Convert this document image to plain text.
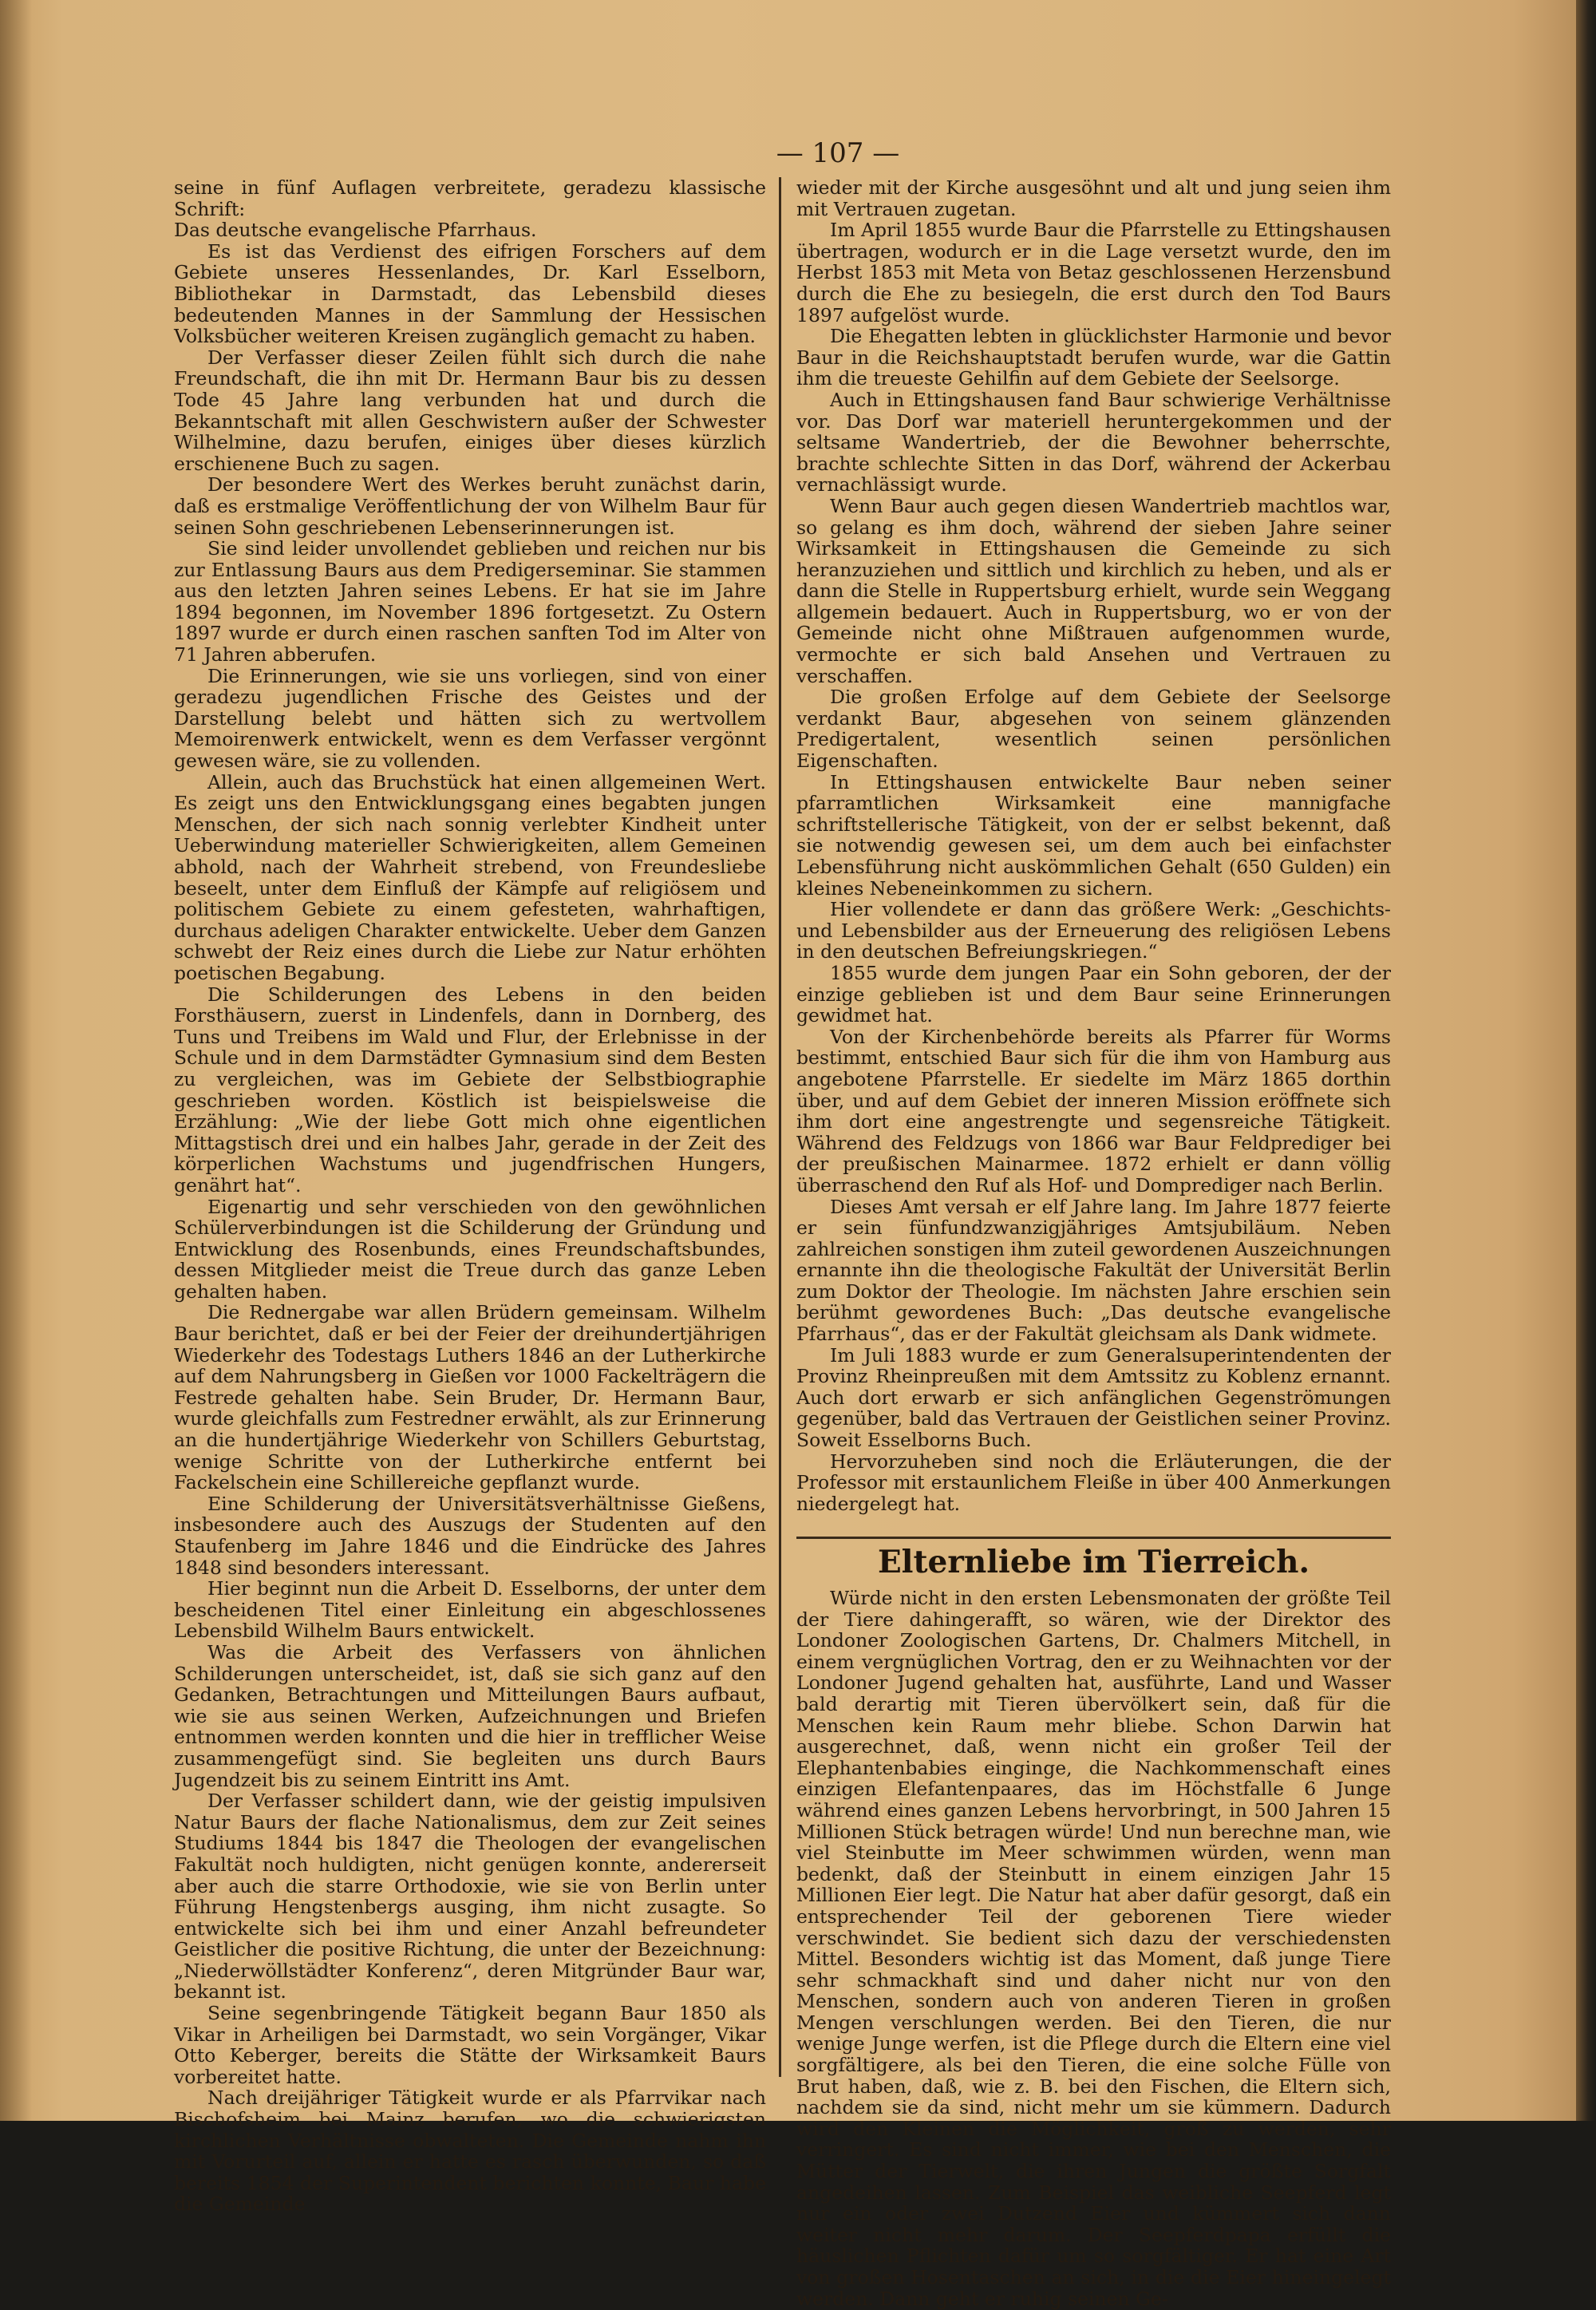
— 107 —

seine in fünf Auflagen verbreitete, geradezu klassische Schrift:

Das deutsche evangelische Pfarrhaus.

Es ist das Verdienst des eifrigen Forschers auf dem Gebiete unseres Hessenlandes, Dr. Karl Esselborn, Bibliothekar in Darmstadt, das Lebensbild dieses bedeutenden Mannes in der Sammlung der Hessischen Volksbücher weiteren Kreisen zugänglich gemacht zu haben.

Der Verfasser dieser Zeilen fühlt sich durch die nahe Freundschaft, die ihn mit Dr. Hermann Baur bis zu dessen Tode 45 Jahre lang verbunden hat und durch die Bekanntschaft mit allen Geschwistern außer der Schwester Wilhelmine, dazu berufen, einiges über dieses kürzlich erschienene Buch zu sagen.

Der besondere Wert des Werkes beruht zunächst darin, daß es erstmalige Veröffentlichung der von Wilhelm Baur für seinen Sohn geschriebenen Lebenserinnerungen ist.

Sie sind leider unvollendet geblieben und reichen nur bis zur Entlassung Baurs aus dem Predigerseminar. Sie stammen aus den letzten Jahren seines Lebens. Er hat sie im Jahre 1894 begonnen, im November 1896 fortgesetzt. Zu Ostern 1897 wurde er durch einen raschen sanften Tod im Alter von 71 Jahren abberufen.

Die Erinnerungen, wie sie uns vorliegen, sind von einer geradezu jugendlichen Frische des Geistes und der Darstellung belebt und hätten sich zu wertvollem Memoirenwerk entwickelt, wenn es dem Verfasser vergönnt gewesen wäre, sie zu vollenden.

Allein, auch das Bruchstück hat einen allgemeinen Wert. Es zeigt uns den Entwicklungsgang eines begabten jungen Menschen, der sich nach sonnig verlebter Kindheit unter Ueberwindung materieller Schwierigkeiten, allem Gemeinen abhold, nach der Wahrheit strebend, von Freundesliebe beseelt, unter dem Einfluß der Kämpfe auf religiösem und politischem Gebiete zu einem gefesteten, wahrhaftigen, durchaus adeligen Charakter entwickelte. Ueber dem Ganzen schwebt der Reiz eines durch die Liebe zur Natur erhöhten poetischen Begabung.

Die Schilderungen des Lebens in den beiden Forsthäusern, zuerst in Lindenfels, dann in Dornberg, des Tuns und Treibens im Wald und Flur, der Erlebnisse in der Schule und in dem Darmstädter Gymnasium sind dem Besten zu vergleichen, was im Gebiete der Selbstbiographie geschrieben worden. Köstlich ist beispielsweise die Erzählung: „Wie der liebe Gott mich ohne eigentlichen Mittagstisch drei und ein halbes Jahr, gerade in der Zeit des körperlichen Wachstums und jugendfrischen Hungers, genährt hat“.

Eigenartig und sehr verschieden von den gewöhnlichen Schülerverbindungen ist die Schilderung der Gründung und Entwicklung des Rosenbunds, eines Freundschaftsbundes, dessen Mitglieder meist die Treue durch das ganze Leben gehalten haben.

Die Rednergabe war allen Brüdern gemeinsam. Wilhelm Baur berichtet, daß er bei der Feier der dreihundertjährigen Wiederkehr des Todestags Luthers 1846 an der Lutherkirche auf dem Nahrungsberg in Gießen vor 1000 Fackelträgern die Festrede gehalten habe. Sein Bruder, Dr. Hermann Baur, wurde gleichfalls zum Festredner erwählt, als zur Erinnerung an die hundertjährige Wiederkehr von Schillers Geburtstag, wenige Schritte von der Lutherkirche entfernt bei Fackelschein eine Schillereiche gepflanzt wurde.

Eine Schilderung der Universitätsverhältnisse Gießens, insbesondere auch des Auszugs der Studenten auf den Staufenberg im Jahre 1846 und die Eindrücke des Jahres 1848 sind besonders interessant.

Hier beginnt nun die Arbeit D. Esselborns, der unter dem bescheidenen Titel einer Einleitung ein abgeschlossenes Lebensbild Wilhelm Baurs entwickelt.

Was die Arbeit des Verfassers von ähnlichen Schilderungen unterscheidet, ist, daß sie sich ganz auf den Gedanken, Betrachtungen und Mitteilungen Baurs aufbaut, wie sie aus seinen Werken, Aufzeichnungen und Briefen entnommen werden konnten und die hier in trefflicher Weise zusammengefügt sind. Sie begleiten uns durch Baurs Jugendzeit bis zu seinem Eintritt ins Amt.

Der Verfasser schildert dann, wie der geistig impulsiven Natur Baurs der flache Nationalismus, dem zur Zeit seines Studiums 1844 bis 1847 die Theologen der evangelischen Fakultät noch huldigten, nicht genügen konnte, andererseit aber auch die starre Orthodoxie, wie sie von Berlin unter Führung Hengstenbergs ausging, ihm nicht zusagte. So entwickelte sich bei ihm und einer Anzahl befreundeter Geistlicher die positive Richtung, die unter der Bezeichnung: „Niederwöllstädter Konferenz“, deren Mitgründer Baur war, bekannt ist.

Seine segenbringende Tätigkeit begann Baur 1850 als Vikar in Arheiligen bei Darmstadt, wo sein Vorgänger, Vikar Otto Keberger, bereits die Stätte der Wirksamkeit Baurs vorbereitet hatte.

Nach dreijähriger Tätigkeit wurde er als Pfarrvikar nach Bischofsheim bei Mainz berufen, wo die schwierigsten kirchlichen Verhältnisse obwalteten. Die Gemeinde nahm ihn mit Vorurteil auf, allein er hatte es rasch überwunden, so daß bereits 1854 der Superintendent berichten konnte, Baur habe die Gemeinde

wieder mit der Kirche ausgesöhnt und alt und jung seien ihm mit Vertrauen zugetan.

Im April 1855 wurde Baur die Pfarrstelle zu Ettingshausen übertragen, wodurch er in die Lage versetzt wurde, den im Herbst 1853 mit Meta von Betaz geschlossenen Herzensbund durch die Ehe zu besiegeln, die erst durch den Tod Baurs 1897 aufgelöst wurde.

Die Ehegatten lebten in glücklichster Harmonie und bevor Baur in die Reichshauptstadt berufen wurde, war die Gattin ihm die treueste Gehilfin auf dem Gebiete der Seelsorge.

Auch in Ettingshausen fand Baur schwierige Verhältnisse vor. Das Dorf war materiell heruntergekommen und der seltsame Wandertrieb, der die Bewohner beherrschte, brachte schlechte Sitten in das Dorf, während der Ackerbau vernachlässigt wurde.

Wenn Baur auch gegen diesen Wandertrieb machtlos war, so gelang es ihm doch, während der sieben Jahre seiner Wirksamkeit in Ettingshausen die Gemeinde zu sich heranzuziehen und sittlich und kirchlich zu heben, und als er dann die Stelle in Ruppertsburg erhielt, wurde sein Weggang allgemein bedauert. Auch in Ruppertsburg, wo er von der Gemeinde nicht ohne Mißtrauen aufgenommen wurde, vermochte er sich bald Ansehen und Vertrauen zu verschaffen.

Die großen Erfolge auf dem Gebiete der Seelsorge verdankt Baur, abgesehen von seinem glänzenden Predigertalent, wesentlich seinen persönlichen Eigenschaften.

In Ettingshausen entwickelte Baur neben seiner pfarramtlichen Wirksamkeit eine mannigfache schriftstellerische Tätigkeit, von der er selbst bekennt, daß sie notwendig gewesen sei, um dem auch bei einfachster Lebensführung nicht auskömmlichen Gehalt (650 Gulden) ein kleines Nebeneinkommen zu sichern.

Hier vollendete er dann das größere Werk: „Geschichts- und Lebensbilder aus der Erneuerung des religiösen Lebens in den deutschen Befreiungskriegen.“

1855 wurde dem jungen Paar ein Sohn geboren, der der einzige geblieben ist und dem Baur seine Erinnerungen gewidmet hat.

Von der Kirchenbehörde bereits als Pfarrer für Worms bestimmt, entschied Baur sich für die ihm von Hamburg aus angebotene Pfarrstelle. Er siedelte im März 1865 dorthin über, und auf dem Gebiet der inneren Mission eröffnete sich ihm dort eine angestrengte und segensreiche Tätigkeit. Während des Feldzugs von 1866 war Baur Feldprediger bei der preußischen Mainarmee. 1872 erhielt er dann völlig überraschend den Ruf als Hof- und Domprediger nach Berlin.

Dieses Amt versah er elf Jahre lang. Im Jahre 1877 feierte er sein fünfundzwanzigjähriges Amtsjubiläum. Neben zahlreichen sonstigen ihm zuteil gewordenen Auszeichnungen ernannte ihn die theologische Fakultät der Universität Berlin zum Doktor der Theologie. Im nächsten Jahre erschien sein berühmt gewordenes Buch: „Das deutsche evangelische Pfarrhaus“, das er der Fakultät gleichsam als Dank widmete.

Im Juli 1883 wurde er zum Generalsuperintendenten der Provinz Rheinpreußen mit dem Amtssitz zu Koblenz ernannt. Auch dort erwarb er sich anfänglichen Gegenströmungen gegenüber, bald das Vertrauen der Geistlichen seiner Provinz. Soweit Esselborns Buch.

Hervorzuheben sind noch die Erläuterungen, die der Professor mit erstaunlichem Fleiße in über 400 Anmerkungen niedergelegt hat.

Elternliebe im Tierreich.

Würde nicht in den ersten Lebensmonaten der größte Teil der Tiere dahingerafft, so wären, wie der Direktor des Londoner Zoologischen Gartens, Dr. Chalmers Mitchell, in einem vergnüglichen Vortrag, den er zu Weihnachten vor der Londoner Jugend gehalten hat, ausführte, Land und Wasser bald derartig mit Tieren übervölkert sein, daß für die Menschen kein Raum mehr bliebe. Schon Darwin hat ausgerechnet, daß, wenn nicht ein großer Teil der Elephantenbabies einginge, die Nachkommenschaft eines einzigen Elefantenpaares, das im Höchstfalle 6 Junge während eines ganzen Lebens hervorbringt, in 500 Jahren 15 Millionen Stück betragen würde! Und nun berechne man, wie viel Steinbutte im Meer schwimmen würden, wenn man bedenkt, daß der Steinbutt in einem einzigen Jahr 15 Millionen Eier legt. Die Natur hat aber dafür gesorgt, daß ein entsprechender Teil der geborenen Tiere wieder verschwindet. Sie bedient sich dazu der verschiedensten Mittel. Besonders wichtig ist das Moment, daß junge Tiere sehr schmackhaft sind und daher nicht nur von den Menschen, sondern auch von anderen Tieren in großen Mengen verschlungen werden. Bei den Tieren, die nur wenige Junge werfen, ist die Pflege durch die Eltern eine viel sorgfältigere, als bei den Tieren, die eine solche Fülle von Brut haben, daß, wie z. B. bei den Fischen, die Eltern sich, nachdem sie da sind, nicht mehr um sie kümmern. Dadurch wird den Kleinen die Möglichkeit, groß zu werden, sehr verringert. Es sind nicht immer, wie bei den Menschen, die Mütter der Tierwelt, die ihren Jungen die größte Sorgfalt angedeihen lassen. Zum Beispiel das weibliche Seepferd legt nur ein oder zwei Dutzend Eier und kümmert sich dann weiter nicht mehr darum. Der Seepferdpapa erfüllt die häuslichen Pflichten dafür um so sorgfältiger. Er hat eine Art von großen Hosentaschen an sich, in die die Eier hineingelegt werden. Dann geht er ruhig seinen Ge-
